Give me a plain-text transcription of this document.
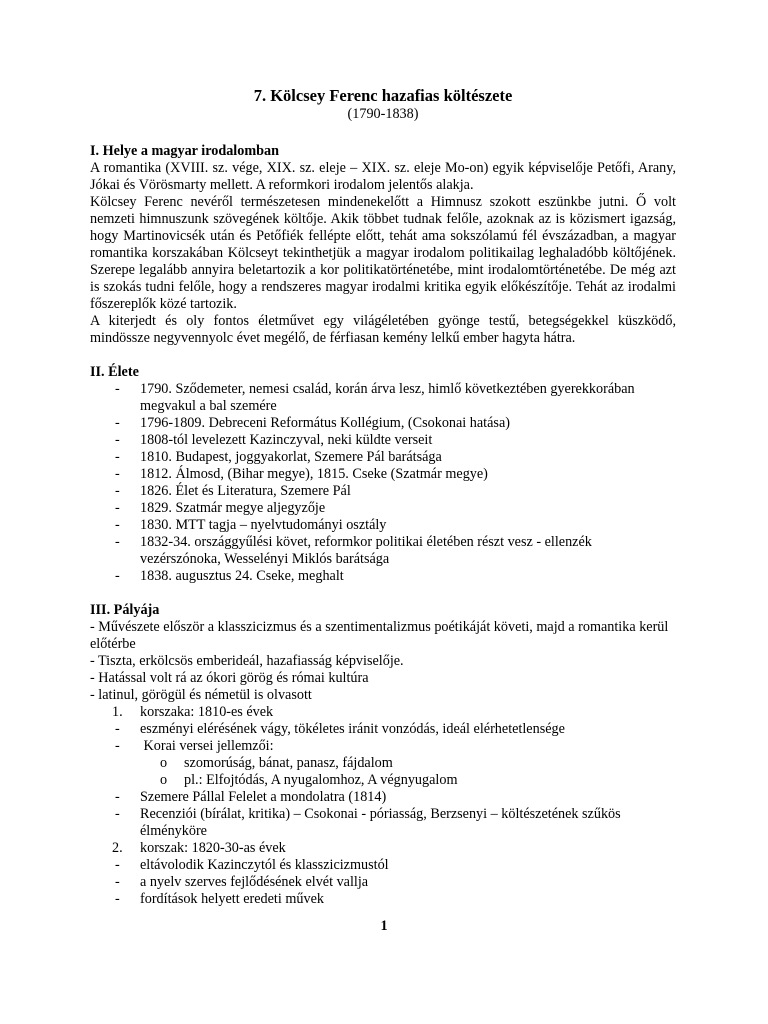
7. Kölcsey Ferenc hazafias költészete
(1790-1838)
I. Helye a magyar irodalomban

A romantika (XVIII. sz. vége, XIX. sz. eleje – XIX. sz. eleje Mo-on) egyik képviselője Petőfi, Arany, Jókai és Vörösmarty mellett. A reformkori irodalom jelentős alakja.

Kölcsey Ferenc nevéről természetesen mindenekelőtt a Himnusz szokott eszünkbe jutni. Ő volt nemzeti himnuszunk szövegének költője. Akik többet tudnak felőle, azoknak az is közismert igazság, hogy Martinovicsék után és Petőfiék fellépte előtt, tehát ama sokszólamú fél évszázadban, a magyar romantika korszakában Kölcseyt tekinthetjük a magyar irodalom politikailag leghaladóbb költőjének. Szerepe legalább annyira beletartozik a kor politikatörténetébe, mint irodalomtörténetébe. De még azt is szokás tudni felőle, hogy a rendszeres magyar irodalmi kritika egyik előkészítője. Tehát az irodalmi főszereplők közé tartozik.

A kiterjedt és oly fontos életművet egy világéletében gyönge testű, betegségekkel küszködő, mindössze negyvennyolc évet megélő, de férfiasan kemény lelkű ember hagyta hátra.

II. Élete
- 1790. Sződemeter, nemesi család, korán árva lesz, himlő következtében gyerekkorában megvakul a bal szemére
- 1796-1809. Debreceni Református Kollégium, (Csokonai hatása)
- 1808-tól levelezett Kazinczyval, neki küldte verseit
- 1810. Budapest, joggyakorlat, Szemere Pál barátsága
- 1812. Álmosd, (Bihar megye), 1815. Cseke (Szatmár megye)
- 1826. Élet és Literatura, Szemere Pál
- 1829. Szatmár megye aljegyzője
- 1830. MTT tagja – nyelvtudományi osztály
- 1832-34. országgyűlési követ, reformkor politikai életében részt vesz - ellenzék vezérszónoka, Wesselényi Miklós barátsága
- 1838. augusztus 24. Cseke, meghalt
III. Pályája
- Művészete először a klasszicizmus és a szentimentalizmus poétikáját követi, majd a romantika kerül előtérbe
- Tiszta, erkölcsös emberideál, hazafiasság képviselője.
- Hatással volt rá az ókori görög és római kultúra
- latinul, görögül és németül is olvasott
1. korszaka: 1810-es évek
- eszményi elérésének vágy, tökéletes iránit vonzódás, ideál elérhetetlensége
- Korai versei jellemzői:
o szomorúság, bánat, panasz, fájdalom
o pl.: Elfojtódás, A nyugalomhoz, A végnyugalom
- Szemere Pállal Felelet a mondolatra (1814)
- Recenziói (bírálat, kritika) – Csokonai - póriasság, Berzsenyi – költészetének szűkös élményköre
2. korszak: 1820-30-as évek
- eltávolodik Kazinczytól és klasszicizmustól
- a nyelv szerves fejlődésének elvét vallja
- fordítások helyett eredeti művek
1
